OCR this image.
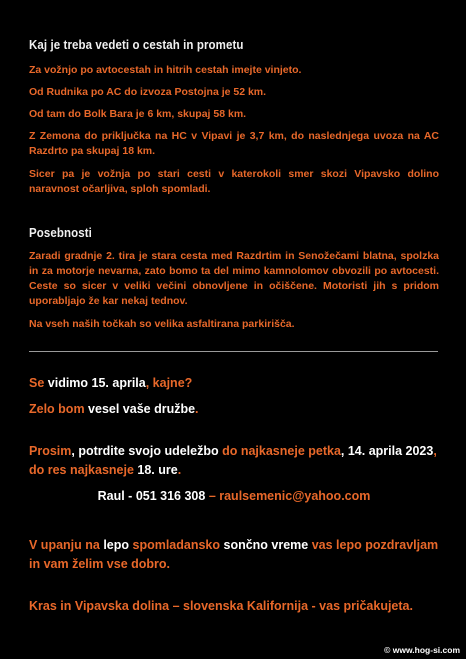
Kaj je treba vedeti o cestah in prometu
Za vožnjo po avtocestah in hitrih cestah imejte vinjeto.
Od Rudnika po AC do izvoza Postojna je 52 km.
Od tam do Bolk Bara je 6 km, skupaj 58 km.
Z Zemona do priključka na HC v Vipavi je 3,7 km, do naslednjega uvoza na AC Razdrto pa skupaj 18 km.
Sicer pa je vožnja po stari cesti v katerokoli smer skozi Vipavsko dolino naravnost očarljiva, sploh spomladi.
Posebnosti
Zaradi gradnje 2. tira je stara cesta med Razdrtim in Senožečami blatna, spolzka in za motorje nevarna, zato bomo ta del mimo kamnolomov obvozili po avtocesti. Ceste so sicer v veliki večini obnovljene in očiščene. Motoristi jih s pridom uporabljajo že kar nekaj tednov.
Na vseh naših točkah so velika asfaltirana parkirišča.
Se vidimo 15. aprila, kajne?
Zelo bom vesel vaše družbe.
Prosim, potrdite svojo udeležbo do najkasneje petka, 14. aprila 2023, do res najkasneje 18. ure.
Raul - 051 316 308 – raulsemenic@yahoo.com
V upanju na lepo spomladansko sončno vreme vas lepo pozdravljam in vam želim vse dobro.
Kras in Vipavska dolina – slovenska Kalifornija - vas pričakujeta.
© www.hog-si.com
